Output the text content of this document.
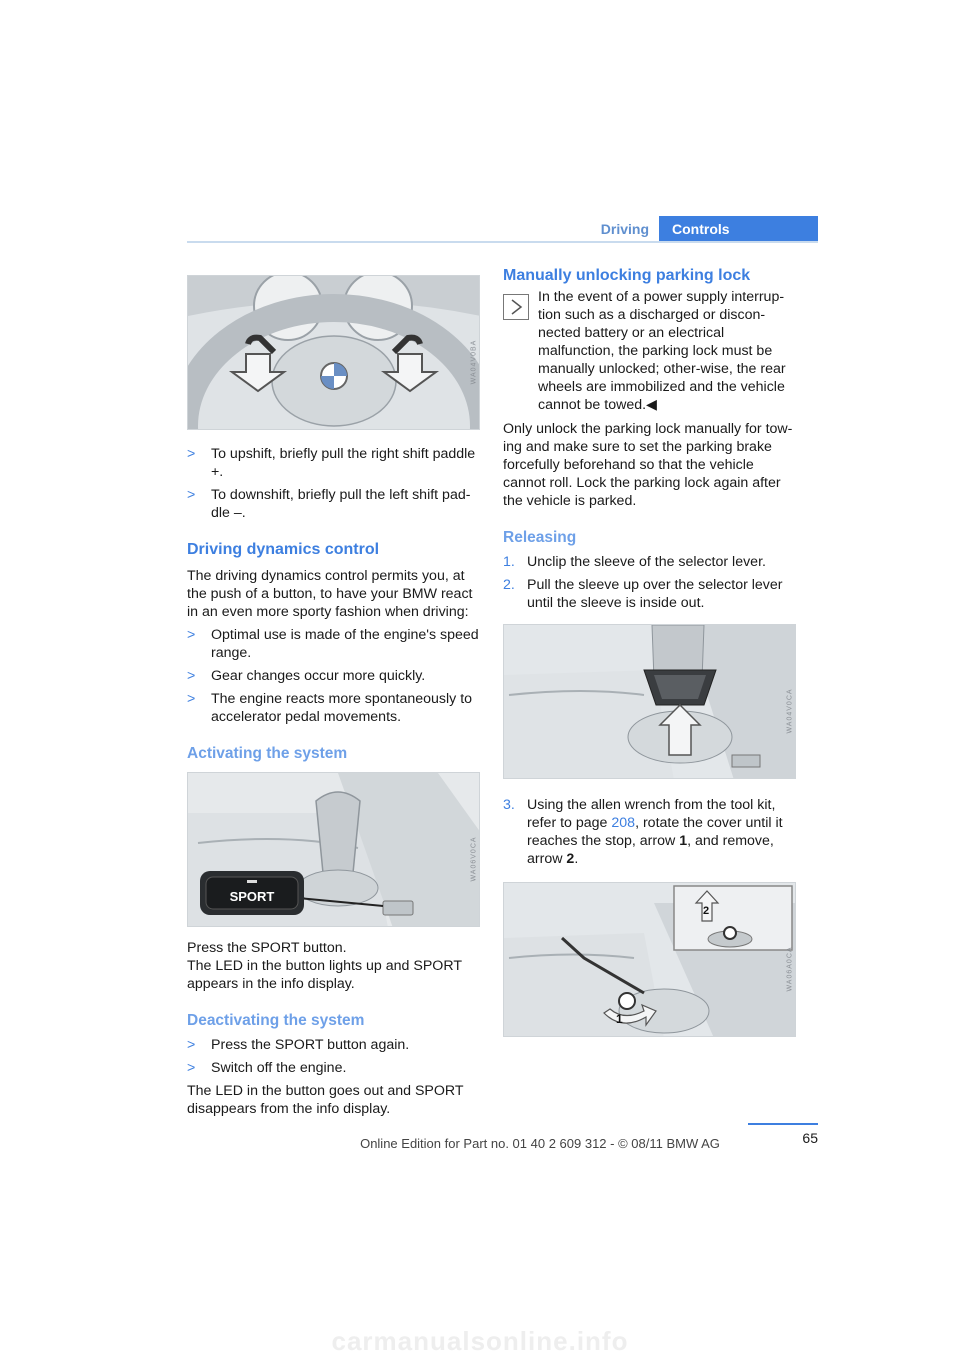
Driving	Controls
WA04V0BA
>	To upshift, briefly pull the right shift paddle +.
>	To downshift, briefly pull the left shift pad-dle –.
Driving dynamics control

The driving dynamics control permits you, at the push of a button, to have your BMW react in an even more sporty fashion when driving:

>	Optimal use is made of the engine's speed range.
>	Gear changes occur more quickly.
>	The engine reacts more spontaneously to accelerator pedal movements.
Activating the system
SPORT
WA06V0CA

Press the SPORT button.

The LED in the button lights up and SPORT appears in the info display.

Deactivating the system
>	Press the SPORT button again.
>	Switch off the engine.

The LED in the button goes out and SPORT disappears from the info display.

Manually unlocking parking lock

In the event of a power supply interrup-tion such as a discharged or discon-nected battery or an electrical malfunction, the parking lock must be manually unlocked; other-wise, the rear wheels are immobilized and the vehicle cannot be towed.◀

Only unlock the parking lock manually for tow-ing and make sure to set the parking brake forcefully beforehand so that the vehicle cannot roll. Lock the parking lock again after the vehicle is parked.

Releasing
1. Unclip the sleeve of the selector lever.
2. Pull the sleeve up over the selector lever until the sleeve is inside out.
WA04V0CA
3. Using the allen wrench from the tool kit, refer to page 208, rotate the cover until it reaches the stop, arrow 1, and remove, arrow 2.
1
2
WA06A0CA
65
Online Edition for Part no. 01 40 2 609 312 - © 08/11 BMW AG
carmanualsonline.info
